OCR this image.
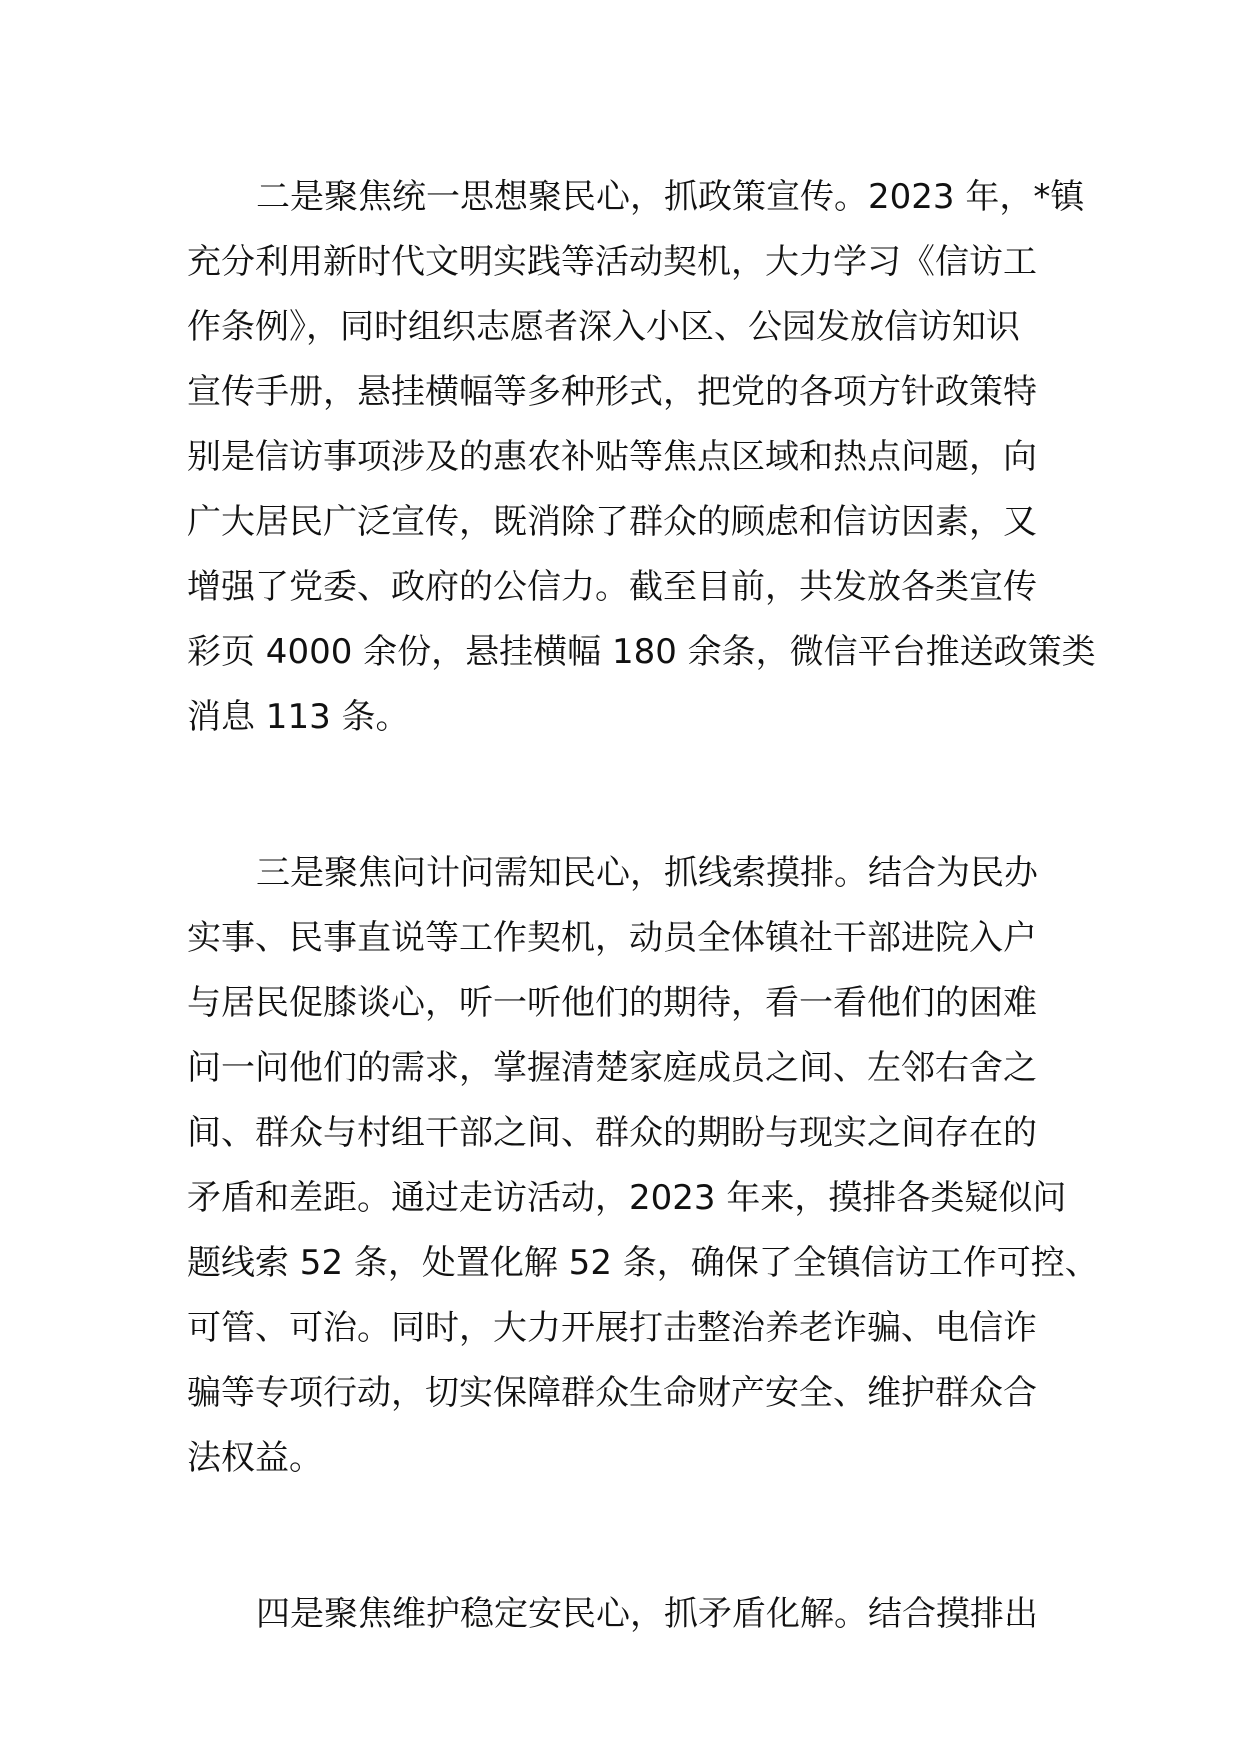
二是聚焦统一思想聚民心，抓政策宣传。2023 年，*镇
充分利用新时代文明实践等活动契机，大力学习《信访工
作条例》，同时组织志愿者深入小区、公园发放信访知识
宣传手册，悬挂横幅等多种形式，把党的各项方针政策特
别是信访事项涉及的惠农补贴等焦点区域和热点问题，向
广大居民广泛宣传，既消除了群众的顾虑和信访因素，又
增强了党委、政府的公信力。截至目前，共发放各类宣传
彩页 4000 余份，悬挂横幅 180 余条，微信平台推送政策类
消息 113 条。
三是聚焦问计问需知民心，抓线索摸排。结合为民办
实事、民事直说等工作契机，动员全体镇社干部进院入户
与居民促膝谈心，听一听他们的期待，看一看他们的困难
问一问他们的需求，掌握清楚家庭成员之间、左邻右舍之
间、群众与村组干部之间、群众的期盼与现实之间存在的
矛盾和差距。通过走访活动，2023 年来，摸排各类疑似问
题线索 52 条，处置化解 52 条，确保了全镇信访工作可控、
可管、可治。同时，大力开展打击整治养老诈骗、电信诈
骗等专项行动，切实保障群众生命财产安全、维护群众合
法权益。
四是聚焦维护稳定安民心，抓矛盾化解。结合摸排出
